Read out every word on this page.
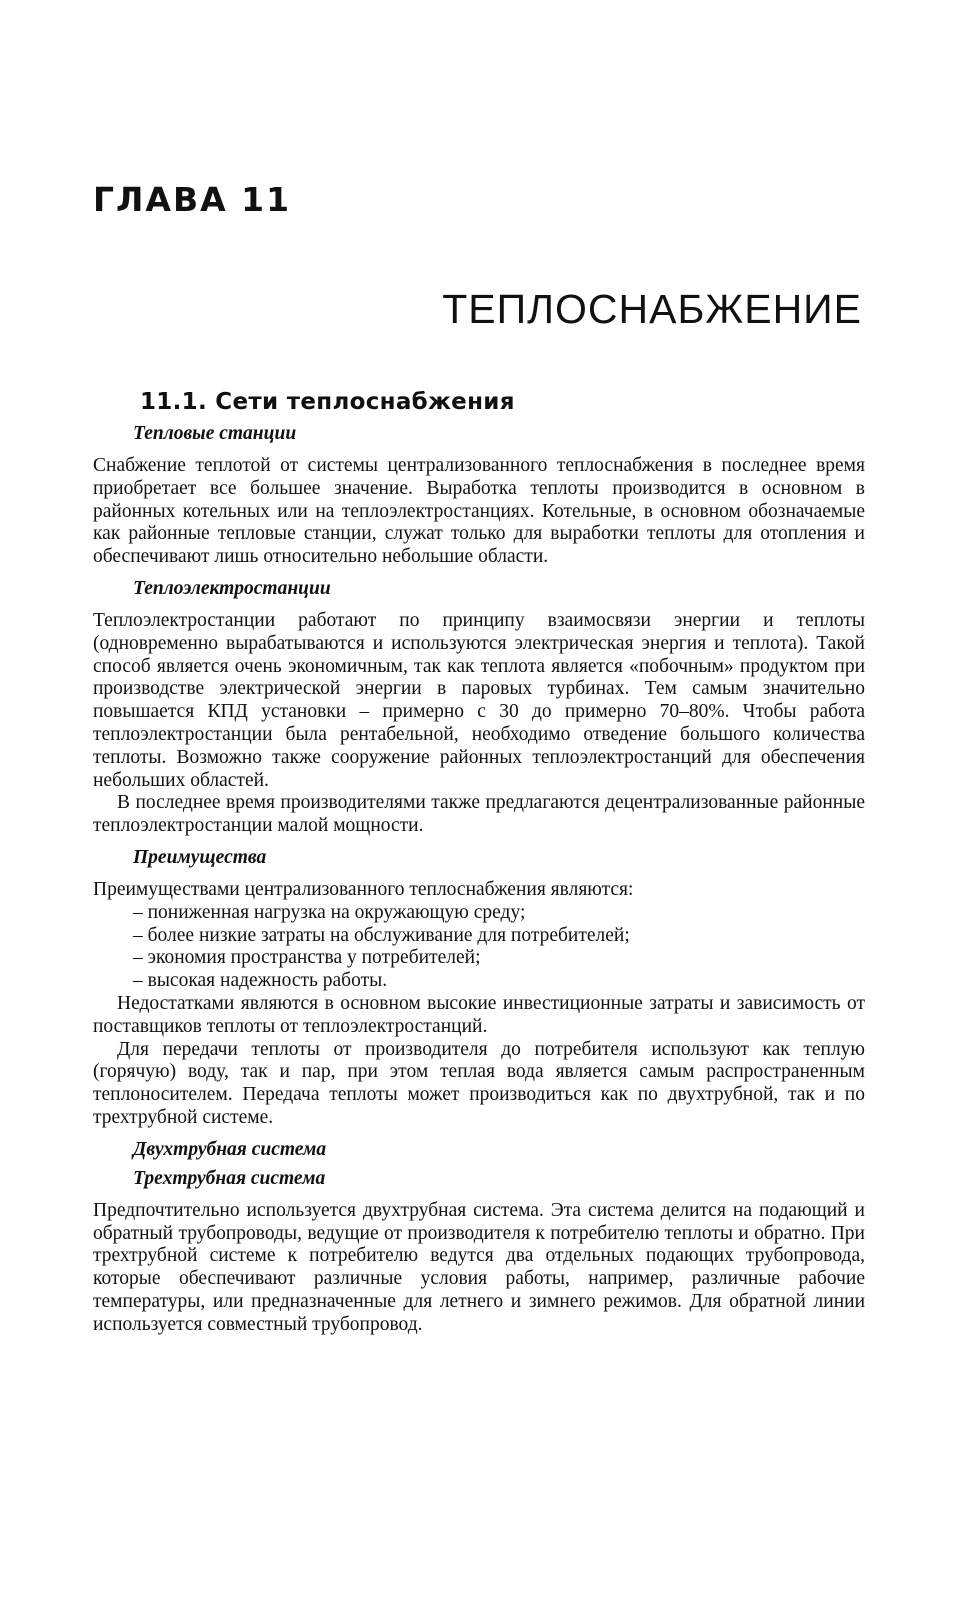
ГЛАВА 11
ТЕПЛОСНАБЖЕНИЕ
11.1. Сети теплоснабжения
Тепловые станции

Снабжение теплотой от системы централизованного теплоснабжения в последнее время приобретает все большее значение. Выработка теплоты производится в основном в районных котельных или на теплоэлектростанциях. Котельные, в основном обозначаемые как районные тепловые станции, служат только для выработки теплоты для отопления и обеспечивают лишь относительно небольшие области.

Теплоэлектростанции

Теплоэлектростанции работают по принципу взаимосвязи энергии и теплоты (одновременно вырабатываются и используются электрическая энергия и теплота). Такой способ является очень экономичным, так как теплота является «побочным» продуктом при производстве электрической энергии в паровых турбинах. Тем самым значительно повышается КПД установки – примерно с 30 до примерно 70–80%. Чтобы работа теплоэлектростанции была рентабельной, необходимо отведение большого количества теплоты. Возможно также сооружение районных теплоэлектростанций для обеспечения небольших областей.

В последнее время производителями также предлагаются децентрализованные районные теплоэлектростанции малой мощности.

Преимущества

Преимуществами централизованного теплоснабжения являются:

– пониженная нагрузка на окружающую среду;
– более низкие затраты на обслуживание для потребителей;
– экономия пространства у потребителей;
– высокая надежность работы.

Недостатками являются в основном высокие инвестиционные затраты и зависимость от поставщиков теплоты от теплоэлектростанций.

Для передачи теплоты от производителя до потребителя используют как теплую (горячую) воду, так и пар, при этом теплая вода является самым распространенным теплоносителем. Передача теплоты может производиться как по двухтрубной, так и по трехтрубной системе.

Двухтрубная система
Трехтрубная система

Предпочтительно используется двухтрубная система. Эта система делится на подающий и обратный трубопроводы, ведущие от производителя к потребителю теплоты и обратно. При трехтрубной системе к потребителю ведутся два отдельных подающих трубопровода, которые обеспечивают различные условия работы, например, различные рабочие температуры, или предназначенные для летнего и зимнего режимов. Для обратной линии используется совместный трубопровод.
